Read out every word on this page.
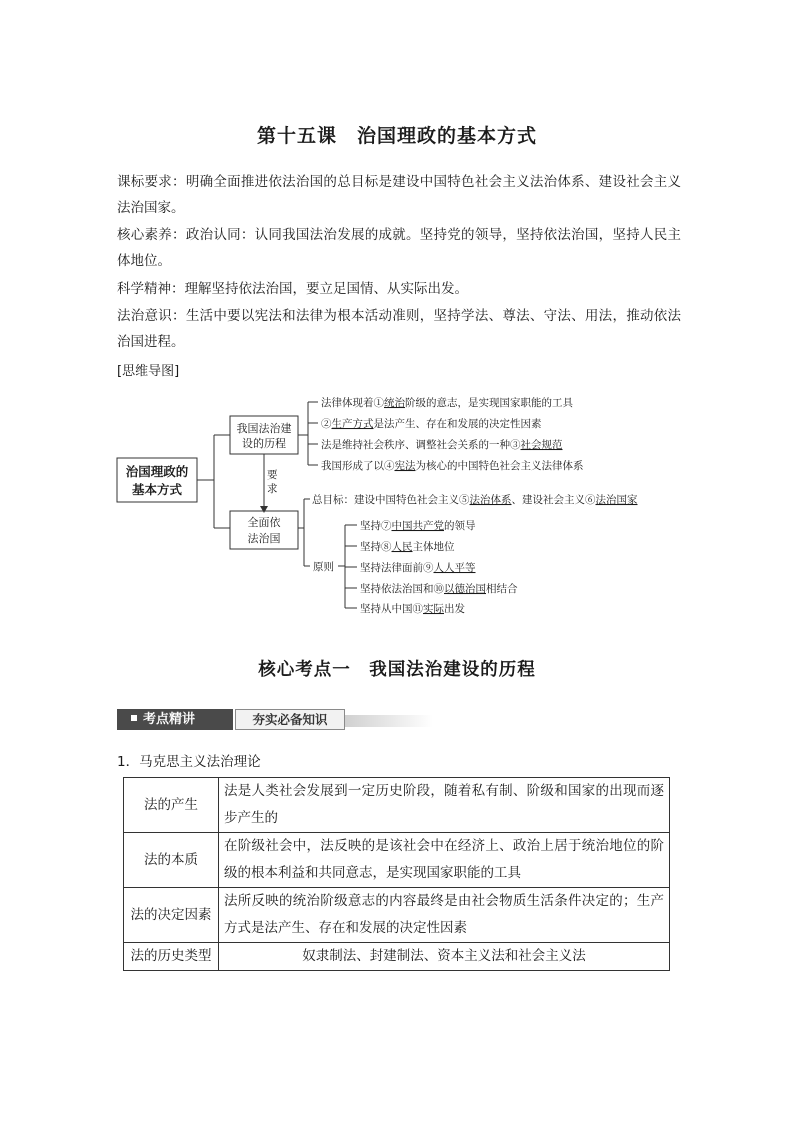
第十五课　治国理政的基本方式
课标要求：明确全面推进依法治国的总目标是建设中国特色社会主义法治体系、建设社会主义法治国家。
核心素养：政治认同：认同我国法治发展的成就。坚持党的领导，坚持依法治国，坚持人民主体地位。
科学精神：理解坚持依法治国，要立足国情、从实际出发。
法治意识：生活中要以宪法和法律为根本活动准则，坚持学法、尊法、守法、用法，推动依法治国进程。
[思维导图]
治国理政的
基本方式
我国法治建
设的历程
全面依
法治国
要
求
法律体现着①统治阶级的意志，是实现国家职能的工具
②生产方式是法产生、存在和发展的决定性因素
法是维持社会秩序、调整社会关系的一种③社会规范
我国形成了以④宪法为核心的中国特色社会主义法律体系
总目标：建设中国特色社会主义⑤法治体系、建设社会主义⑥法治国家
原则
坚持⑦中国共产党的领导
坚持⑧人民主体地位
坚持法律面前⑨人人平等
坚持依法治国和⑩以德治国相结合
坚持从中国⑪实际出发
核心考点一　我国法治建设的历程
考点精讲	夯实必备知识
1．马克思主义法治理论
法的产生	法是人类社会发展到一定历史阶段，随着私有制、阶级和国家的出现而逐步产生的
法的本质	在阶级社会中，法反映的是该社会中在经济上、政治上居于统治地位的阶级的根本利益和共同意志，是实现国家职能的工具
法的决定因素	法所反映的统治阶级意志的内容最终是由社会物质生活条件决定的；生产方式是法产生、存在和发展的决定性因素
法的历史类型	奴隶制法、封建制法、资本主义法和社会主义法
